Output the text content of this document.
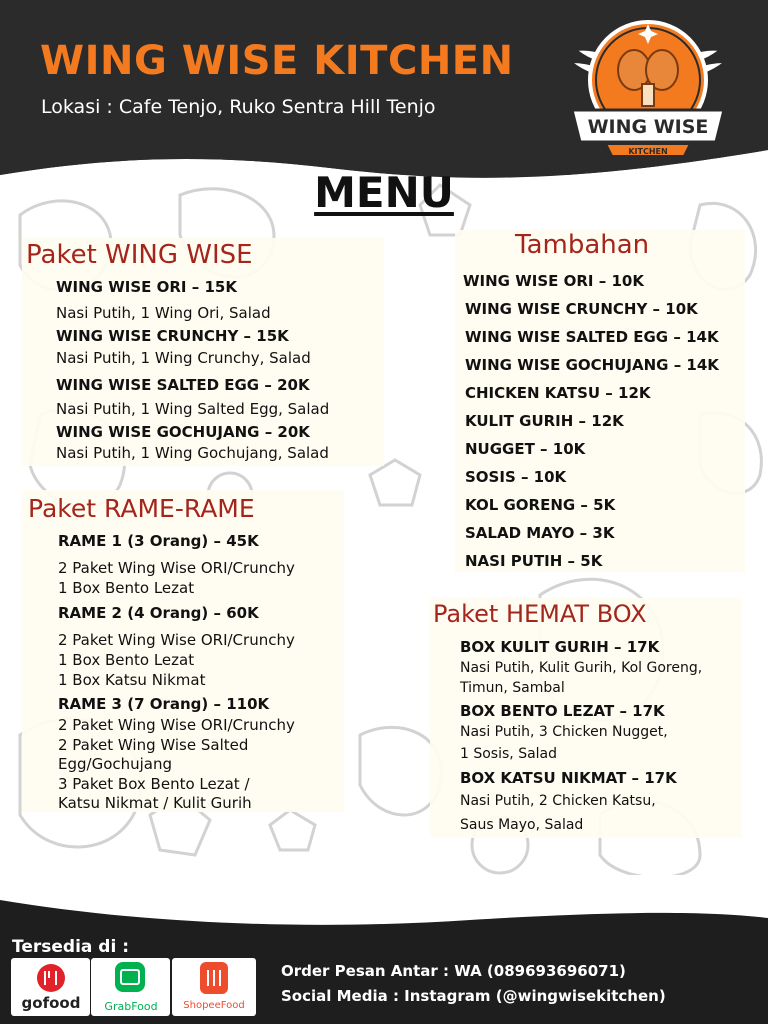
WING WISE KITCHEN
Lokasi : Cafe Tenjo, Ruko Sentra Hill Tenjo
WING WISE
KITCHEN
MENU
Paket WING WISE
WING WISE ORI – 15K
Nasi Putih, 1 Wing Ori, Salad
WING WISE CRUNCHY – 15K
Nasi Putih, 1 Wing Crunchy, Salad
WING WISE SALTED EGG – 20K
Nasi Putih, 1 Wing Salted Egg, Salad
WING WISE GOCHUJANG – 20K
Nasi Putih, 1 Wing Gochujang, Salad
Paket RAME-RAME
RAME 1 (3 Orang) – 45K
2 Paket Wing Wise ORI/Crunchy
1 Box Bento Lezat
RAME 2 (4 Orang) – 60K
2 Paket Wing Wise ORI/Crunchy
1 Box Bento Lezat
1 Box Katsu Nikmat
RAME 3 (7 Orang) – 110K
2 Paket Wing Wise ORI/Crunchy
2 Paket Wing Wise Salted
Egg/Gochujang
3 Paket Box Bento Lezat /
Katsu Nikmat / Kulit Gurih
Tambahan
WING WISE ORI – 10K
WING WISE CRUNCHY – 10K
WING WISE SALTED EGG – 14K
WING WISE GOCHUJANG – 14K
CHICKEN KATSU – 12K
KULIT GURIH – 12K
NUGGET – 10K
SOSIS – 10K
KOL GORENG – 5K
SALAD MAYO – 3K
NASI PUTIH – 5K
Paket HEMAT BOX
BOX KULIT GURIH – 17K
Nasi Putih, Kulit Gurih, Kol Goreng,
Timun, Sambal
BOX BENTO LEZAT – 17K
Nasi Putih, 3 Chicken Nugget,
1 Sosis, Salad
BOX KATSU NIKMAT – 17K
Nasi Putih, 2 Chicken Katsu,
Saus Mayo, Salad
Tersedia di :
gofood GrabFood	ShopeeFood
Order Pesan Antar : WA (089693696071)
Social Media : Instagram (@wingwisekitchen)
